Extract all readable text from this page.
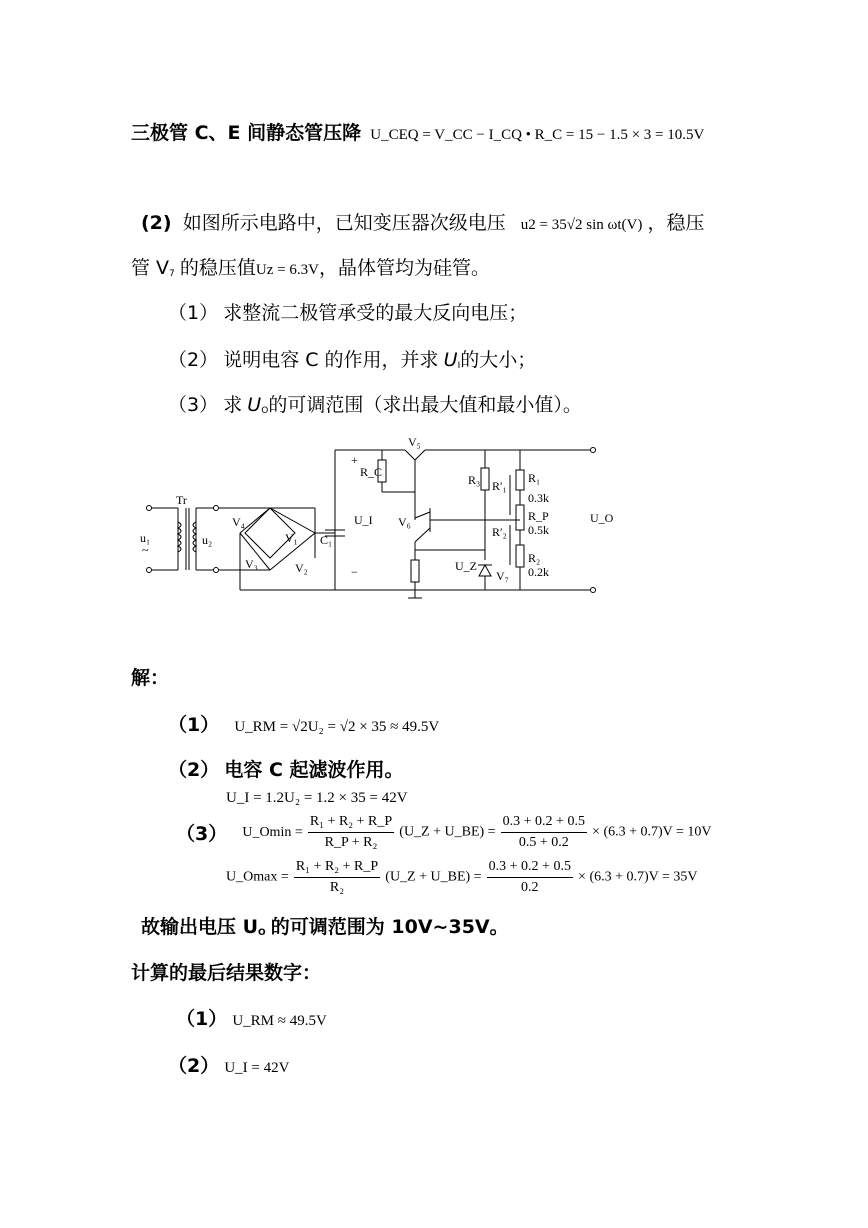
三极管 C、E 间静态管压降 U_CEQ = V_CC − I_CQ • R_C = 15 − 1.5 × 3 = 10.5V
(2) 如图所示电路中，已知变压器次级电压 u2 = 35√2 sin ωt(V) ，稳压
管 $V_7$ 的稳压值Uz = 6.3V，晶体管均为硅管。
（1） 求整流二极管承受的最大反向电压；
（2） 说明电容 C 的作用，并求 $U_I$的大小；
（3） 求 $U_O$的可调范围（求出最大值和最小值）。
u₁
~
Tr
u₂	V₁
V₂
V₃
V₄
C₁
+
−
U_I
R_C
V₅
V₆
R₃ R′₁
R′₂
R₁
0.3k
R_P
0.5k
R₂
0.2k
U_Z
V₇
U_O
解：
（1） U_RM = √2U₂ = √2 × 35 ≈ 49.5V
（2） 电容 C 起滤波作用。
U_I = 1.2U₂ = 1.2 × 35 = 42V
（3） U_Omin = $\frac{\text{R₁ + R₂ + R\_P}}{\text{R\_P + R₂}}$ (U_Z + U_BE) = $\frac{0.3 + 0.2 + 0.5}{0.5 + 0.2} \times (6.3 + 0.7)V = 10V$
U_Omax = $\frac{\text{R₁ + R₂ + R\_P}}{\text{R₂}}$ (U_Z + U_BE) = $\frac{0.3 + 0.2 + 0.5}{0.2} \times (6.3 + 0.7)V = 35V$
故输出电压 $U_O$ 的可调范围为 10V~35V。
计算的最后结果数字：
（1） U_RM ≈ 49.5V
（2） U_I = 42V
